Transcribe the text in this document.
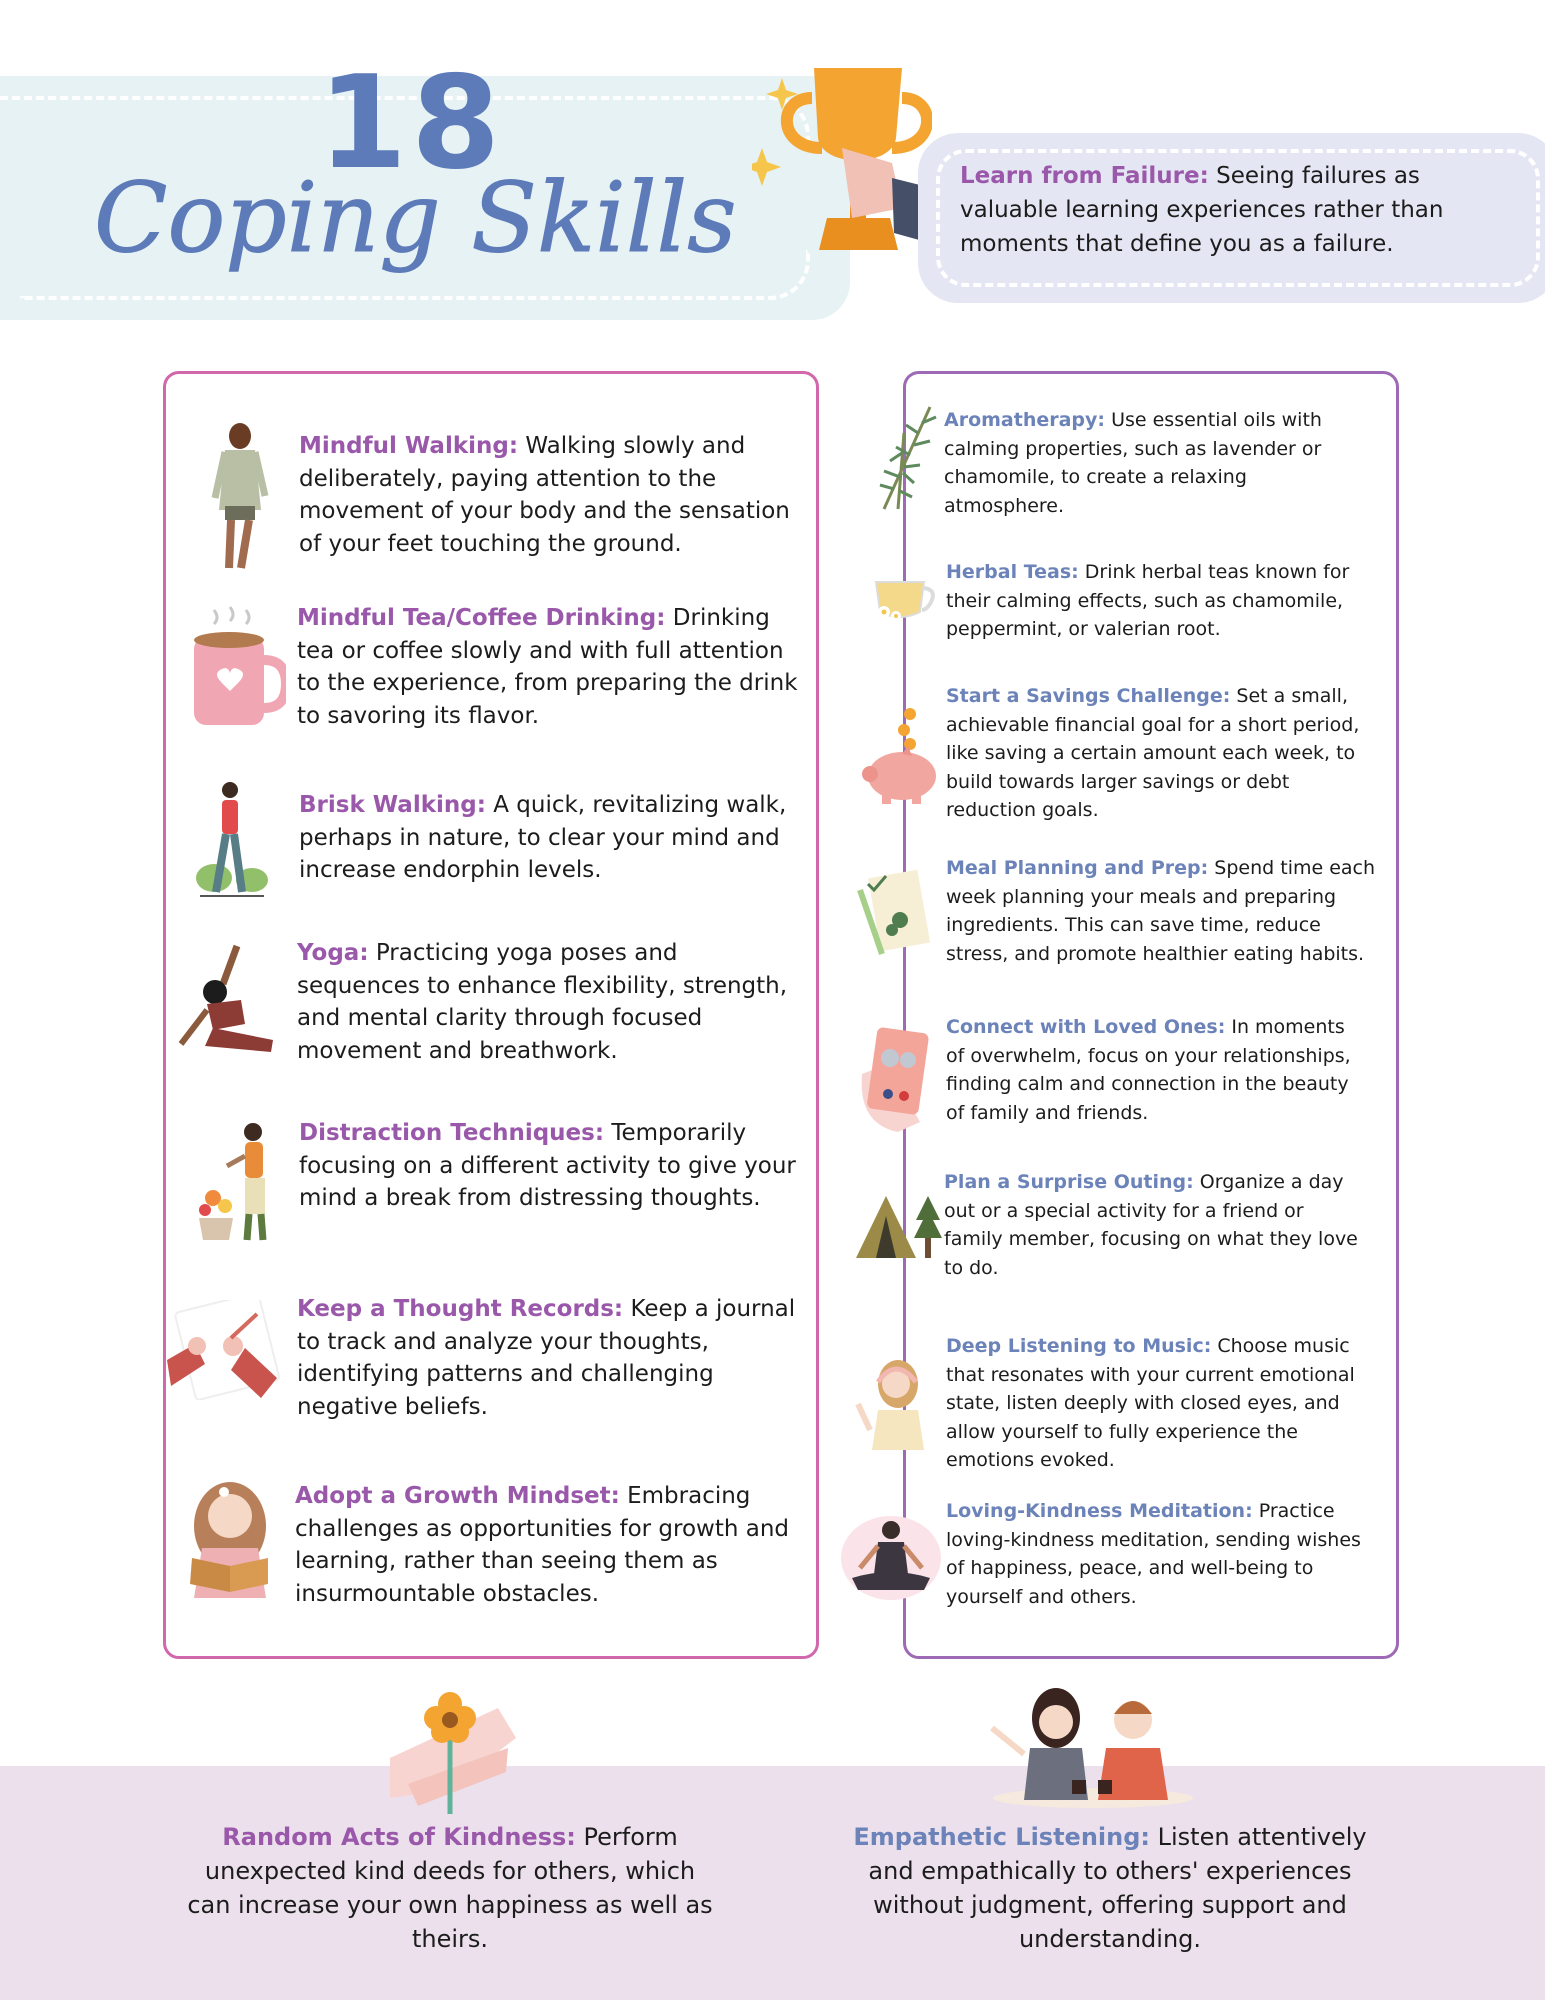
18
Coping Skills	Learn from Failure: Seeing failures as valuable learning experiences rather than moments that define you as a failure.
Mindful Walking: Walking slowly and deliberately, paying attention to the movement of your body and the sensation of your feet touching the ground.
Mindful Tea/Coffee Drinking: Drinking tea or coffee slowly and with full attention to the experience, from preparing the drink to savoring its flavor.
Brisk Walking: A quick, revitalizing walk, perhaps in nature, to clear your mind and increase endorphin levels.
Yoga: Practicing yoga poses and sequences to enhance flexibility, strength, and mental clarity through focused movement and breathwork.
Distraction Techniques: Temporarily focusing on a different activity to give your mind a break from distressing thoughts.
Keep a Thought Records: Keep a journal to track and analyze your thoughts, identifying patterns and challenging negative beliefs.
Adopt a Growth Mindset: Embracing challenges as opportunities for growth and learning, rather than seeing them as insurmountable obstacles.
Aromatherapy: Use essential oils with calming properties, such as lavender or chamomile, to create a relaxing atmosphere.
Herbal Teas: Drink herbal teas known for their calming effects, such as chamomile, peppermint, or valerian root.
Start a Savings Challenge: Set a small, achievable financial goal for a short period, like saving a certain amount each week, to build towards larger savings or debt reduction goals.
Meal Planning and Prep: Spend time each week planning your meals and preparing ingredients. This can save time, reduce stress, and promote healthier eating habits.
Connect with Loved Ones: In moments of overwhelm, focus on your relationships, finding calm and connection in the beauty of family and friends.
Plan a Surprise Outing: Organize a day out or a special activity for a friend or family member, focusing on what they love to do.
Deep Listening to Music: Choose music that resonates with your current emotional state, listen deeply with closed eyes, and allow yourself to fully experience the emotions evoked.
Loving-Kindness Meditation: Practice loving-kindness meditation, sending wishes of happiness, peace, and well-being to yourself and others.
Random Acts of Kindness: Perform unexpected kind deeds for others, which can increase your own happiness as well as theirs.
Empathetic Listening: Listen attentively and empathically to others' experiences without judgment, offering support and understanding.
